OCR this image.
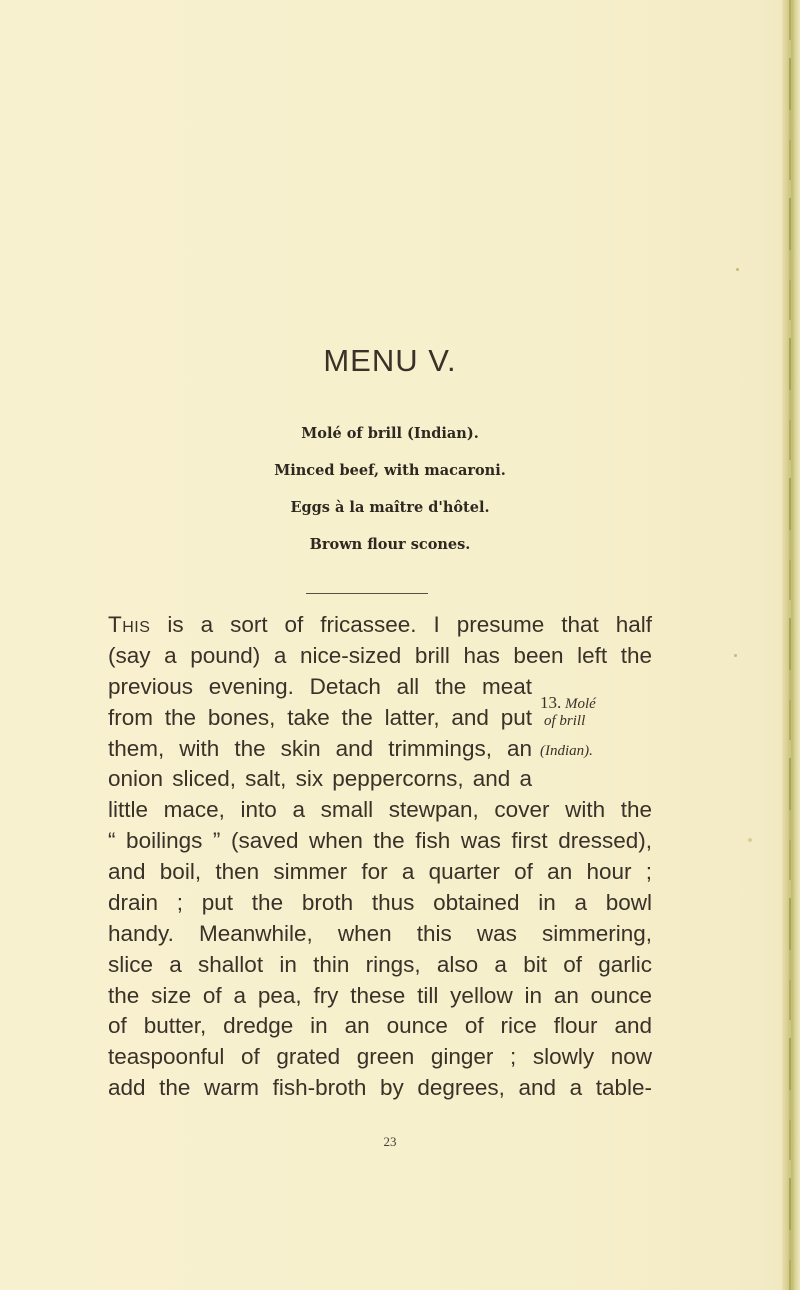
MENU V.
Molé of brill (Indian).
Minced beef, with macaroni.
Eggs à la maître d'hôtel.
Brown flour scones.
This is a sort of fricassee. I presume that half
(say a pound) a nice-sized brill has been left the
previous evening. Detach all the meat
from the bones, take the latter, and put
them, with the skin and trimmings, an
onion sliced, salt, six peppercorns, and a
little mace, into a small stewpan, cover with the
“ boilings ” (saved when the fish was first dressed),
and boil, then simmer for a quarter of an hour ;
drain ; put the broth thus obtained in a bowl
handy. Meanwhile, when this was simmering,
slice a shallot in thin rings, also a bit of garlic
the size of a pea, fry these till yellow in an ounce
of butter, dredge in an ounce of rice flour and
teaspoonful of grated green ginger ; slowly now
add the warm fish-broth by degrees, and a table-
13. Molé
of brill
(Indian).
23
